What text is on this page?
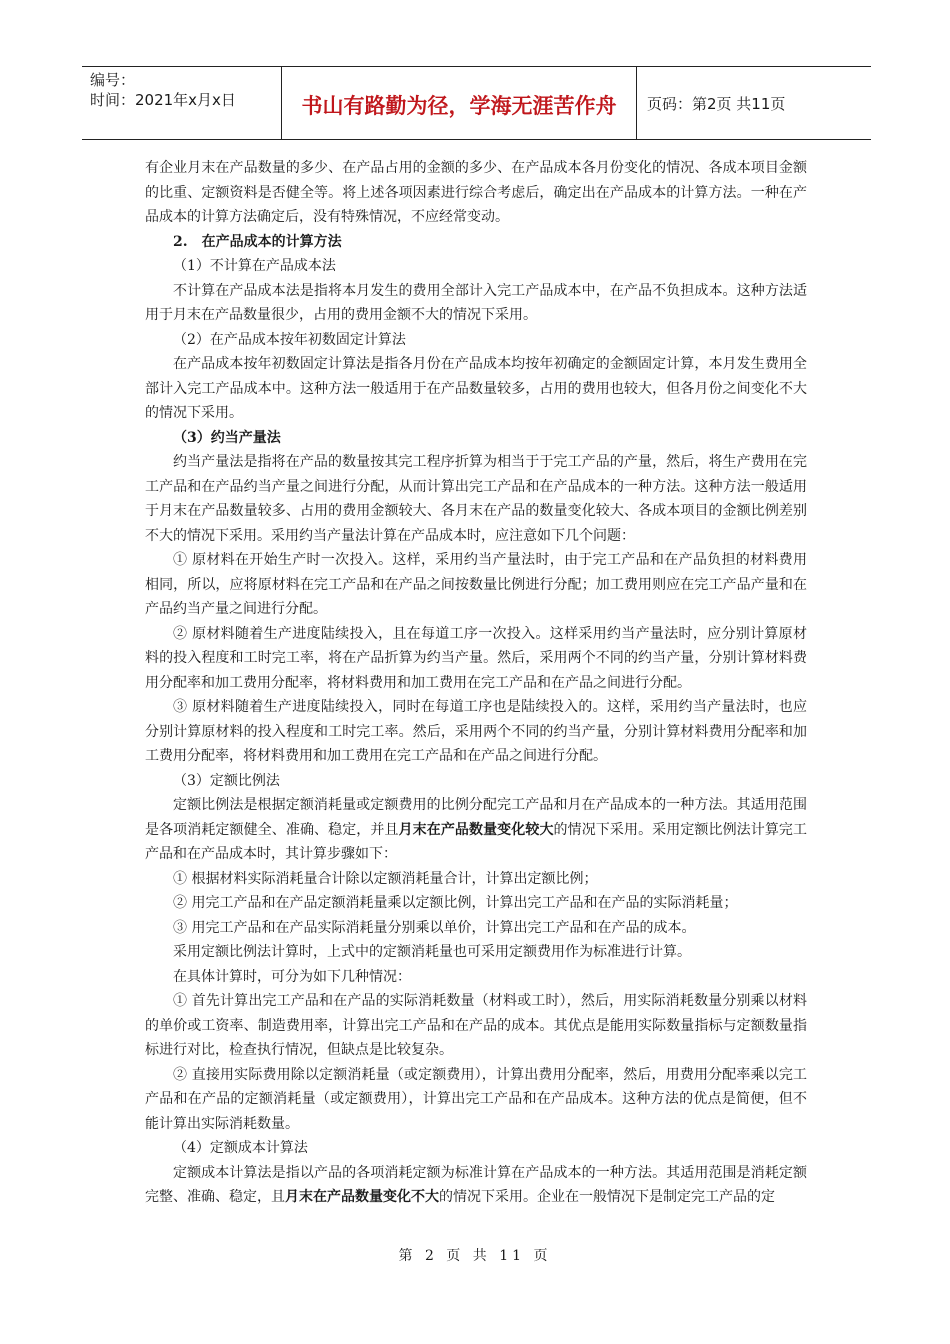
编号：
时间：2021年x月x日	书山有路勤为径，学海无涯苦作舟	页码：第2页 共11页

有企业月末在产品数量的多少、在产品占用的金额的多少、在产品成本各月份变化的情况、各成本项目金额的比重、定额资料是否健全等。将上述各项因素进行综合考虑后，确定出在产品成本的计算方法。一种在产品成本的计算方法确定后，没有特殊情况，不应经常变动。

2.　在产品成本的计算方法

（1）不计算在产品成本法

不计算在产品成本法是指将本月发生的费用全部计入完工产品成本中，在产品不负担成本。这种方法适用于月末在产品数量很少，占用的费用金额不大的情况下采用。

（2）在产品成本按年初数固定计算法

在产品成本按年初数固定计算法是指各月份在产品成本均按年初确定的金额固定计算，本月发生费用全部计入完工产品成本中。这种方法一般适用于在产品数量较多，占用的费用也较大，但各月份之间变化不大的情况下采用。

（3）约当产量法

约当产量法是指将在产品的数量按其完工程序折算为相当于于完工产品的产量，然后，将生产费用在完工产品和在产品约当产量之间进行分配，从而计算出完工产品和在产品成本的一种方法。这种方法一般适用于月末在产品数量较多、占用的费用金额较大、各月末在产品的数量变化较大、各成本项目的金额比例差别不大的情况下采用。采用约当产量法计算在产品成本时，应注意如下几个问题：

① 原材料在开始生产时一次投入。这样，采用约当产量法时，由于完工产品和在产品负担的材料费用相同，所以，应将原材料在完工产品和在产品之间按数量比例进行分配；加工费用则应在完工产品产量和在产品约当产量之间进行分配。

② 原材料随着生产进度陆续投入，且在每道工序一次投入。这样采用约当产量法时，应分别计算原材料的投入程度和工时完工率，将在产品折算为约当产量。然后，采用两个不同的约当产量，分别计算材料费用分配率和加工费用分配率，将材料费用和加工费用在完工产品和在产品之间进行分配。

③ 原材料随着生产进度陆续投入，同时在每道工序也是陆续投入的。这样，采用约当产量法时，也应分别计算原材料的投入程度和工时完工率。然后，采用两个不同的约当产量，分别计算材料费用分配率和加工费用分配率，将材料费用和加工费用在完工产品和在产品之间进行分配。

（3）定额比例法

定额比例法是根据定额消耗量或定额费用的比例分配完工产品和月在产品成本的一种方法。其适用范围是各项消耗定额健全、准确、稳定，并且月末在产品数量变化较大的情况下采用。采用定额比例法计算完工产品和在产品成本时，其计算步骤如下：

① 根据材料实际消耗量合计除以定额消耗量合计，计算出定额比例；

② 用完工产品和在产品定额消耗量乘以定额比例，计算出完工产品和在产品的实际消耗量；

③ 用完工产品和在产品实际消耗量分别乘以单价，计算出完工产品和在产品的成本。

采用定额比例法计算时，上式中的定额消耗量也可采用定额费用作为标准进行计算。

在具体计算时，可分为如下几种情况：

① 首先计算出完工产品和在产品的实际消耗数量（材料或工时），然后，用实际消耗数量分别乘以材料的单价或工资率、制造费用率，计算出完工产品和在产品的成本。其优点是能用实际数量指标与定额数量指标进行对比，检查执行情况，但缺点是比较复杂。

② 直接用实际费用除以定额消耗量（或定额费用），计算出费用分配率，然后，用费用分配率乘以完工产品和在产品的定额消耗量（或定额费用），计算出完工产品和在产品成本。这种方法的优点是简便，但不能计算出实际消耗数量。

（4）定额成本计算法

定额成本计算法是指以产品的各项消耗定额为标准计算在产品成本的一种方法。其适用范围是消耗定额完整、准确、稳定，且月末在产品数量变化不大的情况下采用。企业在一般情况下是制定完工产品的定

第 2 页 共 11 页
